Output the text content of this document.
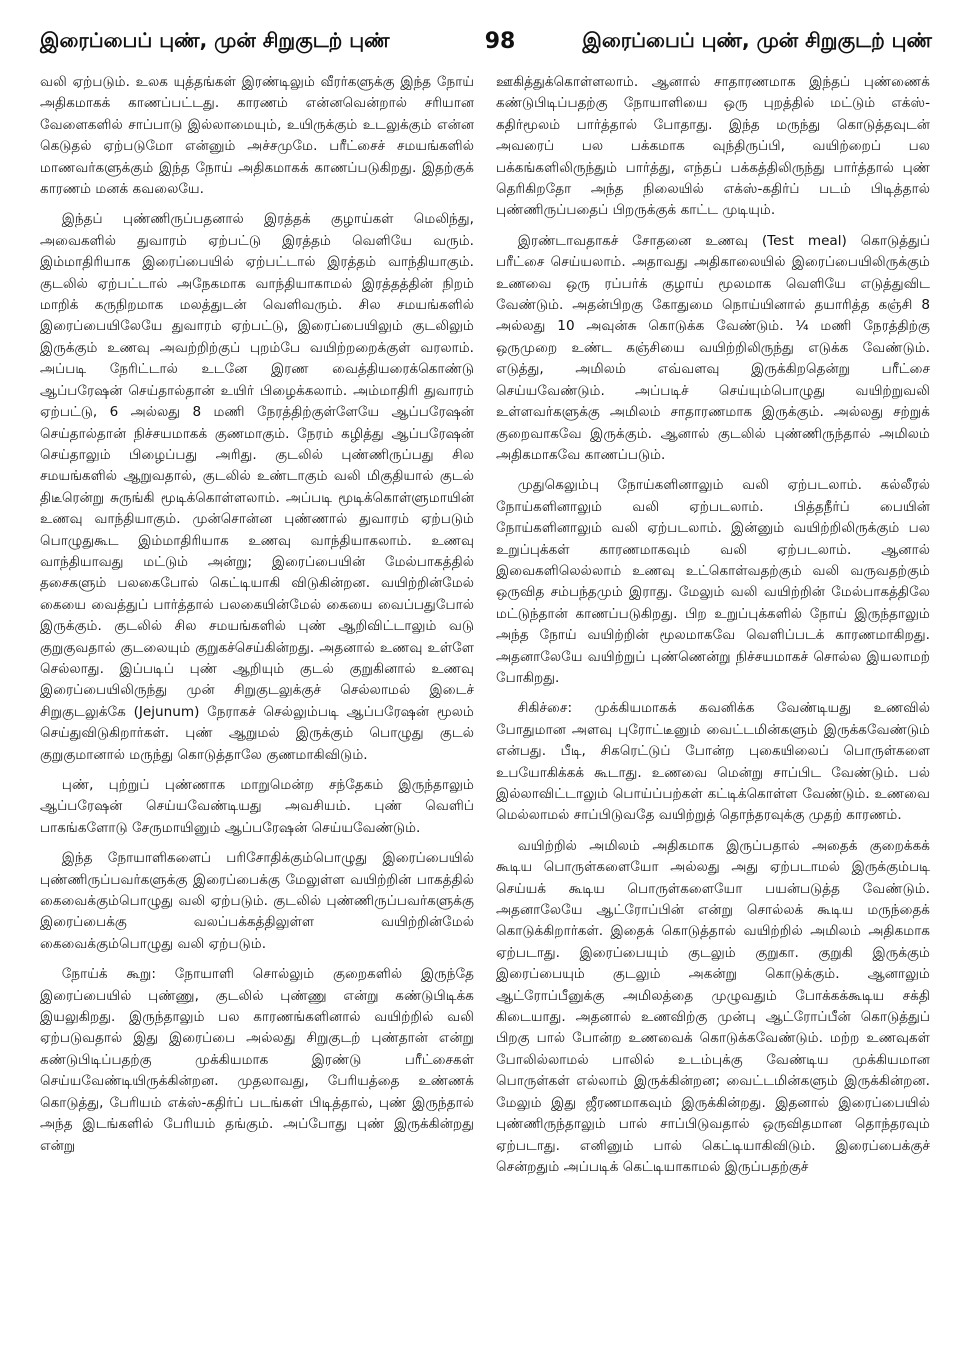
இரைப்பைப் புண், முன் சிறுகுடற் புண்	98	இரைப்பைப் புண், முன் சிறுகுடற் புண்

வலி ஏற்படும். உலக யுத்தங்கள் இரண்டிலும் வீரர்களுக்கு இந்த நோய் அதிகமாகக் காணப்பட்டது. காரணம் என்னவென்றால் சரியான வேளைகளில் சாப்பாடு இல்லாமையும், உயிருக்கும் உடலுக்கும் என்ன கெடுதல் ஏற்படுமோ என்னும் அச்சமுமே. பரீட்சைச் சமயங்களில் மாணவர்களுக்கும் இந்த நோய் அதிகமாகக் காணப்படுகிறது. இதற்குக் காரணம் மனக் கவலையே.

இந்தப் புண்ணிருப்பதனால் இரத்தக் குழாய்கள் மெலிந்து, அவைகளில் துவாரம் ஏற்பட்டு இரத்தம் வெளியே வரும். இம்மாதிரியாக இரைப்பையில் ஏற்பட்டால் இரத்தம் வாந்தியாகும். குடலில் ஏற்பட்டால் அநேகமாக வாந்தியாகாமல் இரத்தத்தின் நிறம் மாறிக் கருநிறமாக மலத்துடன் வெளிவரும். சில சமயங்களில் இரைப்பையிலேயே துவாரம் ஏற்பட்டு, இரைப்பையிலும் குடலிலும் இருக்கும் உணவு அவற்றிற்குப் புறம்பே வயிற்றறைக்குள் வரலாம். அப்படி நேரிட்டால் உடனே இரண வைத்தியரைக்கொண்டு ஆப்பரேஷன் செய்தால்தான் உயிர் பிழைக்கலாம். அம்மாதிரி துவாரம் ஏற்பட்டு, 6 அல்லது 8 மணி நேரத்திற்குள்ளேயே ஆப்பரேஷன் செய்தால்தான் நிச்சயமாகக் குணமாகும். நேரம் கழித்து ஆப்பரேஷன் செய்தாலும் பிழைப்பது அரிது. குடலில் புண்ணிருப்பது சில சமயங்களில் ஆறுவதால், குடலில் உண்டாகும் வலி மிகுதியால் குடல் திடீரென்று சுருங்கி மூடிக்கொள்ளலாம். அப்படி மூடிக்கொள்ளுமாயின் உணவு வாந்தியாகும். முன்சொன்ன புண்ணால் துவாரம் ஏற்படும் பொழுதுகூட இம்மாதிரியாக உணவு வாந்தியாகலாம். உணவு வாந்தியாவது மட்டும் அன்று; இரைப்பையின் மேல்பாகத்தில் தசைகளும் பலகைபோல் கெட்டியாகி விடுகின்றன. வயிற்றின்மேல் கையை வைத்துப் பார்த்தால் பலகையின்மேல் கையை வைப்பதுபோல் இருக்கும். குடலில் சில சமயங்களில் புண் ஆறிவிட்டாலும் வடு குறுகுவதால் குடலையும் குறுகச்செய்கின்றது. அதனால் உணவு உள்ளே செல்லாது. இப்படிப் புண் ஆறியும் குடல் குறுகினால் உணவு இரைப்பையிலிருந்து முன் சிறுகுடலுக்குச் செல்லாமல் இடைச் சிறுகுடலுக்கே (Jejunum) நேராகச் செல்லும்படி ஆப்பரேஷன் மூலம் செய்துவிடுகிறார்கள். புண் ஆறுமல் இருக்கும் பொழுது குடல் குறுகுமானால் மருந்து கொடுத்தாலே குணமாகிவிடும்.

புண், புற்றுப் புண்ணாக மாறுமென்ற சந்தேகம் இருந்தாலும் ஆப்பரேஷன் செய்யவேண்டியது அவசியம். புண் வெளிப் பாகங்களோடு சேருமாயினும் ஆப்பரேஷன் செய்யவேண்டும்.

இந்த நோயாளிகளைப் பரிசோதிக்கும்பொழுது இரைப்பையில் புண்ணிருப்பவர்களுக்கு இரைப்பைக்கு மேலுள்ள வயிற்றின் பாகத்தில் கைவைக்கும்பொழுது வலி ஏற்படும். குடலில் புண்ணிருப்பவர்களுக்கு இரைப்பைக்கு வலப்பக்கத்திலுள்ள வயிற்றின்மேல் கைவைக்கும்பொழுது வலி ஏற்படும்.

நோய்க் கூறு: நோயாளி சொல்லும் குறைகளில் இருந்தே இரைப்பையில் புண்ணு, குடலில் புண்ணு என்று கண்டுபிடிக்க இயலுகிறது. இருந்தாலும் பல காரணங்களினால் வயிற்றில் வலி ஏற்படுவதால் இது இரைப்பை அல்லது சிறுகுடற் புண்தான் என்று கண்டுபிடிப்பதற்கு முக்கியமாக இரண்டு பரீட்சைகள் செய்யவேண்டியிருக்கின்றன. முதலாவது, பேரியத்தை உண்ணக் கொடுத்து, பேரியம் எக்ஸ்-கதிர்ப் படங்கள் பிடித்தால், புண் இருந்தால் அந்த இடங்களில் பேரியம் தங்கும். அப்போது புண் இருக்கின்றது என்று

ஊகித்துக்கொள்ளலாம். ஆனால் சாதாரணமாக இந்தப் புண்ணைக் கண்டுபிடிப்பதற்கு நோயாளியை ஒரு புறத்தில் மட்டும் எக்ஸ்-கதிர்மூலம் பார்த்தால் போதாது. இந்த மருந்து கொடுத்தவுடன் அவரைப் பல பக்கமாக வுந்திருப்பி, வயிற்றைப் பல பக்கங்களிலிருந்தும் பார்த்து, எந்தப் பக்கத்திலிருந்து பார்த்தால் புண் தெரிகிறதோ அந்த நிலையில் எக்ஸ்-கதிர்ப் படம் பிடித்தால் புண்ணிருப்பதைப் பிறருக்குக் காட்ட முடியும்.

இரண்டாவதாகச் சோதனை உணவு (Test meal) கொடுத்துப் பரீட்சை செய்யலாம். அதாவது அதிகாலையில் இரைப்பையிலிருக்கும் உணவை ஒரு ரப்பர்க் குழாய் மூலமாக வெளியே எடுத்துவிட வேண்டும். அதன்பிறகு கோதுமை நொய்யினால் தயாரித்த கஞ்சி 8 அல்லது 10 அவுன்சு கொடுக்க வேண்டும். ¼ மணி நேரத்திற்கு ஒருமுறை உண்ட கஞ்சியை வயிற்றிலிருந்து எடுக்க வேண்டும். எடுத்து, அமிலம் எவ்வளவு இருக்கிறதென்று பரீட்சை செய்யவேண்டும். அப்படிச் செய்யும்பொழுது வயிற்றுவலி உள்ளவர்களுக்கு அமிலம் சாதாரணமாக இருக்கும். அல்லது சற்றுக் குறைவாகவே இருக்கும். ஆனால் குடலில் புண்ணிருந்தால் அமிலம் அதிகமாகவே காணப்படும்.

முதுகெலும்பு நோய்களினாலும் வலி ஏற்படலாம். கல்லீரல் நோய்களினாலும் வலி ஏற்படலாம். பித்தநீர்ப் பையின் நோய்களினாலும் வலி ஏற்படலாம். இன்னும் வயிற்றிலிருக்கும் பல உறுப்புக்கள் காரணமாகவும் வலி ஏற்படலாம். ஆனால் இவைகளிலெல்லாம் உணவு உட்கொள்வதற்கும் வலி வருவதற்கும் ஒருவித சம்பந்தமும் இராது. மேலும் வலி வயிற்றின் மேல்பாகத்திலே மட்டுந்தான் காணப்படுகிறது. பிற உறுப்புக்களில் நோய் இருந்தாலும் அந்த நோய் வயிற்றின் மூலமாகவே வெளிப்படக் காரணமாகிறது. அதனாலேயே வயிற்றுப் புண்ணென்று நிச்சயமாகச் சொல்ல இயலாமற் போகிறது.

சிகிச்சை: முக்கியமாகக் கவனிக்க வேண்டியது உணவில் போதுமான அளவு புரோட்டீனும் வைட்டமின்களும் இருக்கவேண்டும் என்பது. பீடி, சிகரெட்டுப் போன்ற புகையிலைப் பொருள்களை உபயோகிக்கக் கூடாது. உணவை மென்று சாப்பிட வேண்டும். பல் இல்லாவிட்டாலும் பொய்ப்பற்கள் கட்டிக்கொள்ள வேண்டும். உணவை மெல்லாமல் சாப்பிடுவதே வயிற்றுத் தொந்தரவுக்கு முதற் காரணம்.

வயிற்றில் அமிலம் அதிகமாக இருப்பதால் அதைக் குறைக்கக் கூடிய பொருள்களையோ அல்லது அது ஏற்படாமல் இருக்கும்படி செய்யக் கூடிய பொருள்களையோ பயன்படுத்த வேண்டும். அதனாலேயே ஆட்ரோப்பின் என்று சொல்லக் கூடிய மருந்தைக் கொடுக்கிறார்கள். இதைக் கொடுத்தால் வயிற்றில் அமிலம் அதிகமாக ஏற்படாது. இரைப்பையும் குடலும் குறுகா. குறுகி இருக்கும் இரைப்பையும் குடலும் அகன்று கொடுக்கும். ஆனாலும் ஆட்ரோப்பீனுக்கு அமிலத்தை முழுவதும் போக்கக்கூடிய சக்தி கிடையாது. அதனால் உணவிற்கு முன்பு ஆட்ரோப்பீன் கொடுத்துப் பிறகு பால் போன்ற உணவைக் கொடுக்கவேண்டும். மற்ற உணவுகள் போலில்லாமல் பாலில் உடம்புக்கு வேண்டிய முக்கியமான பொருள்கள் எல்லாம் இருக்கின்றன; வைட்டமின்களும் இருக்கின்றன. மேலும் இது ஜீரணமாகவும் இருக்கின்றது. இதனால் இரைப்பையில் புண்ணிருந்தாலும் பால் சாப்பிடுவதால் ஒருவிதமான தொந்தரவும் ஏற்படாது. எனினும் பால் கெட்டியாகிவிடும். இரைப்பைக்குச் சென்றதும் அப்படிக் கெட்டியாகாமல் இருப்பதற்குச்
